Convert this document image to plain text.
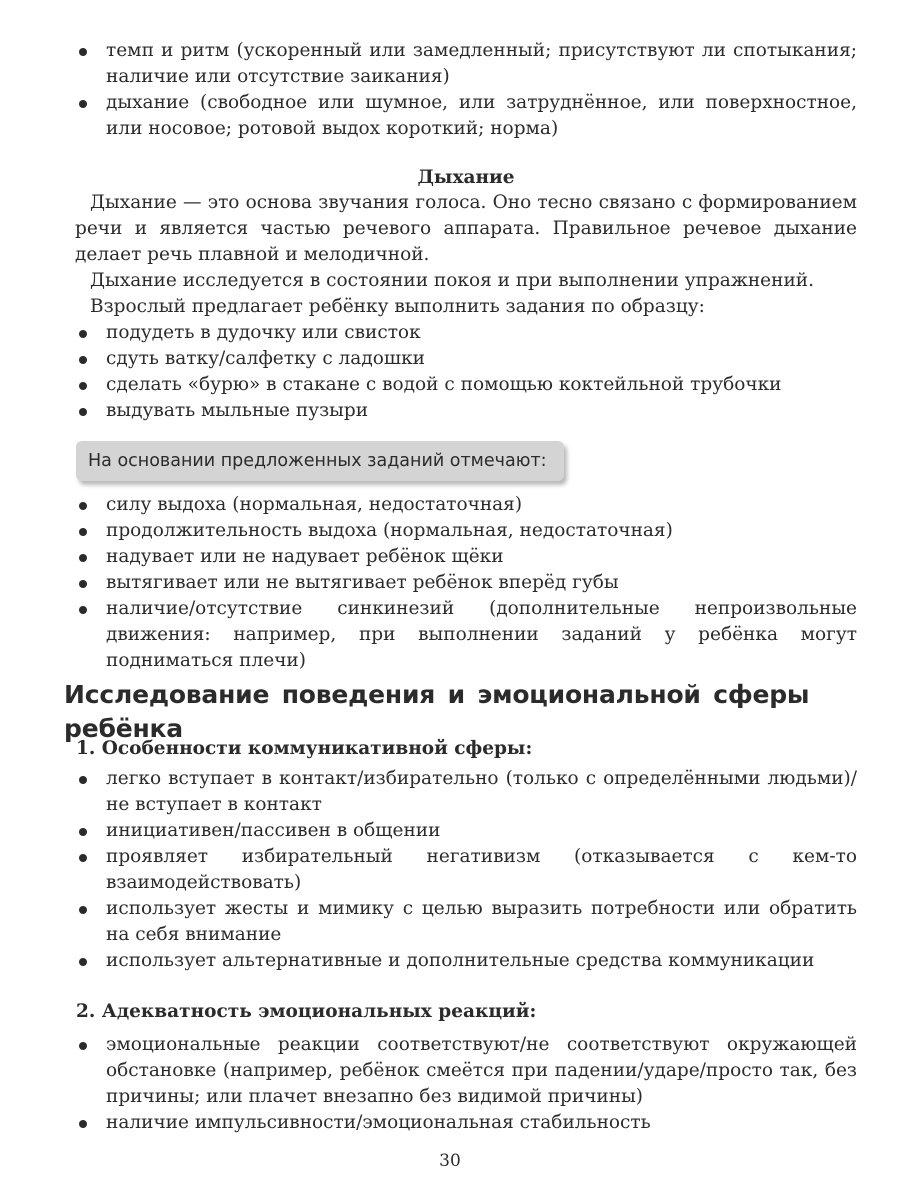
темп и ритм (ускоренный или замедленный; присутствуют ли спотыкания; наличие или отсутствие заикания)
дыхание (свободное или шумное, или затруднённое, или поверхностное, или носовое; ротовой выдох короткий; норма)
Дыхание
Дыхание — это основа звучания голоса. Оно тесно связано с формированием речи и является частью речевого аппарата. Правильное речевое дыхание делает речь плавной и мелодичной.
Дыхание исследуется в состоянии покоя и при выполнении упражнений.
Взрослый предлагает ребёнку выполнить задания по образцу:
подудеть в дудочку или свисток
сдуть ватку/салфетку с ладошки
сделать «бурю» в стакане с водой с помощью коктейльной трубочки
выдувать мыльные пузыри
На основании предложенных заданий отмечают:
силу выдоха (нормальная, недостаточная)
продолжительность выдоха (нормальная, недостаточная)
надувает или не надувает ребёнок щёки
вытягивает или не вытягивает ребёнок вперёд губы
наличие/отсутствие синкинезий (дополнительные непроизвольные движения: например, при выполнении заданий у ребёнка могут подниматься плечи)
Исследование поведения и эмоциональной сферы ребёнка
1. Особенности коммуникативной сферы:
легко вступает в контакт/избирательно (только с определёнными людьми)/не вступает в контакт
инициативен/пассивен в общении
проявляет избирательный негативизм (отказывается с кем-то взаимодействовать)
использует жесты и мимику с целью выразить потребности или обратить на себя внимание
использует альтернативные и дополнительные средства коммуникации
2. Адекватность эмоциональных реакций:
эмоциональные реакции соответствуют/не соответствуют окружающей обстановке (например, ребёнок смеётся при падении/ударе/просто так, без причины; или плачет внезапно без видимой причины)
наличие импульсивности/эмоциональная стабильность
30
